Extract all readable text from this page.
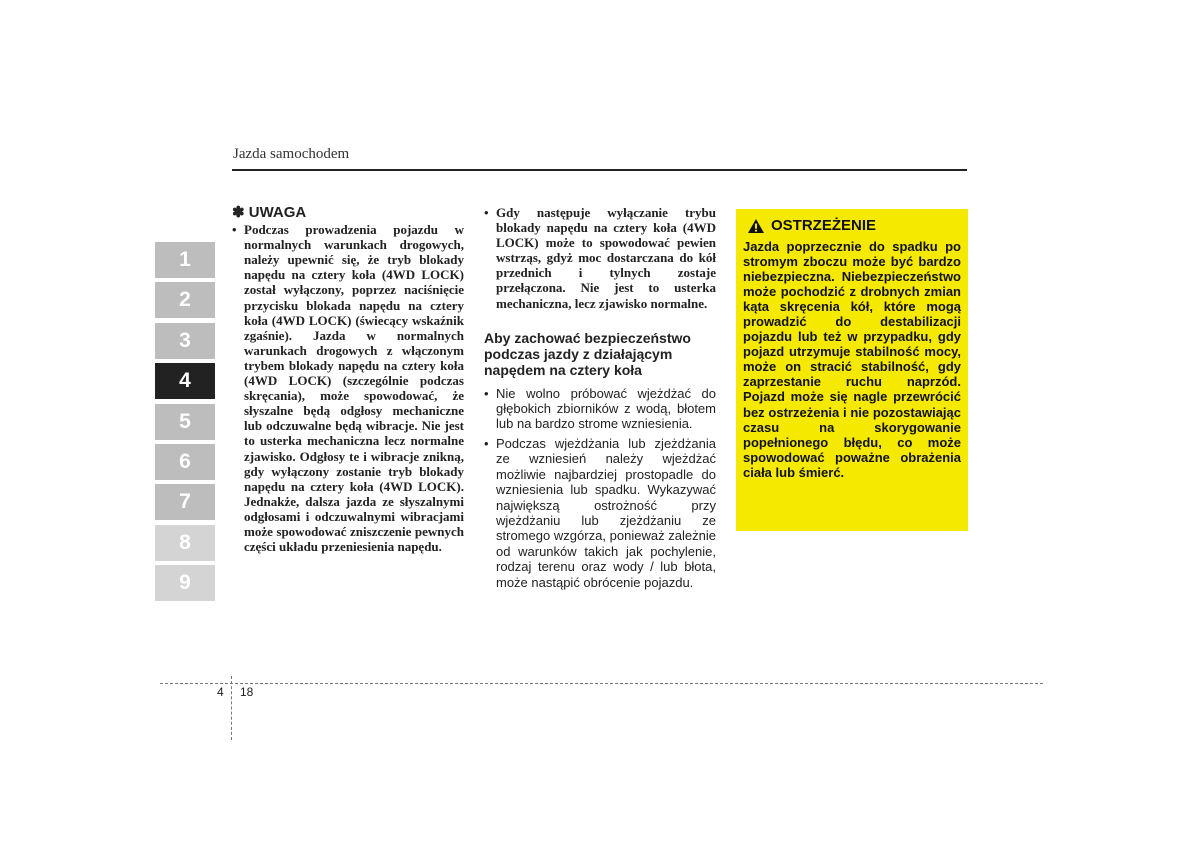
Jazda samochodem
1
2
3
4
5
6
7
8
9
✽ UWAGA
• Podczas prowadzenia pojazdu w normalnych warunkach drogowych, należy upewnić się, że tryb blokady napędu na cztery koła (4WD LOCK) został wyłączony, poprzez naciśnięcie przycisku blokada napędu na cztery koła (4WD LOCK) (świecący wskaźnik zgaśnie). Jazda w normalnych warunkach drogowych z włączonym trybem blokady napędu na cztery koła (4WD LOCK) (szczególnie podczas skręcania), może spowodować, że słyszalne będą odgłosy mechaniczne lub odczuwalne będą wibracje. Nie jest to usterka mechaniczna lecz normalne zjawisko. Odgłosy te i wibracje znikną, gdy wyłączony zostanie tryb blokady napędu na cztery koła (4WD LOCK). Jednakże, dalsza jazda ze słyszalnymi odgłosami i odczuwalnymi wibracjami może spowodować zniszczenie pewnych części układu przeniesienia napędu.
• Gdy następuje wyłączanie trybu blokady napędu na cztery koła (4WD LOCK) może to spowodować pewien wstrząs, gdyż moc dostarczana do kół przednich i tylnych zostaje przełączona. Nie jest to usterka mechaniczna, lecz zjawisko normalne.
Aby zachować bezpieczeństwo podczas jazdy z działającym napędem na cztery koła
• Nie wolno próbować wjeżdżać do głębokich zbiorników z wodą, błotem lub na bardzo strome wzniesienia.
• Podczas wjeżdżania lub zjeżdżania ze wzniesień należy wjeżdżać możliwie najbardziej prostopadle do wzniesienia lub spadku. Wykazywać największą ostrożność przy wjeżdżaniu lub zjeżdżaniu ze stromego wzgórza, ponieważ zależnie od warunków takich jak pochylenie, rodzaj terenu oraz wody / lub błota, może nastąpić obrócenie pojazdu.
OSTRZEŻENIE
Jazda poprzecznie do spadku po stromym zboczu może być bardzo niebezpieczna. Niebezpieczeństwo może pochodzić z drobnych zmian kąta skręcenia kół, które mogą prowadzić do destabilizacji pojazdu lub też w przypadku, gdy pojazd utrzymuje stabilność mocy, może on stracić stabilność, gdy zaprzestanie ruchu naprzód. Pojazd może się nagle przewrócić bez ostrzeżenia i nie pozostawiając czasu na skorygowanie popełnionego błędu, co może spowodować poważne obrażenia ciała lub śmierć.
4 18
